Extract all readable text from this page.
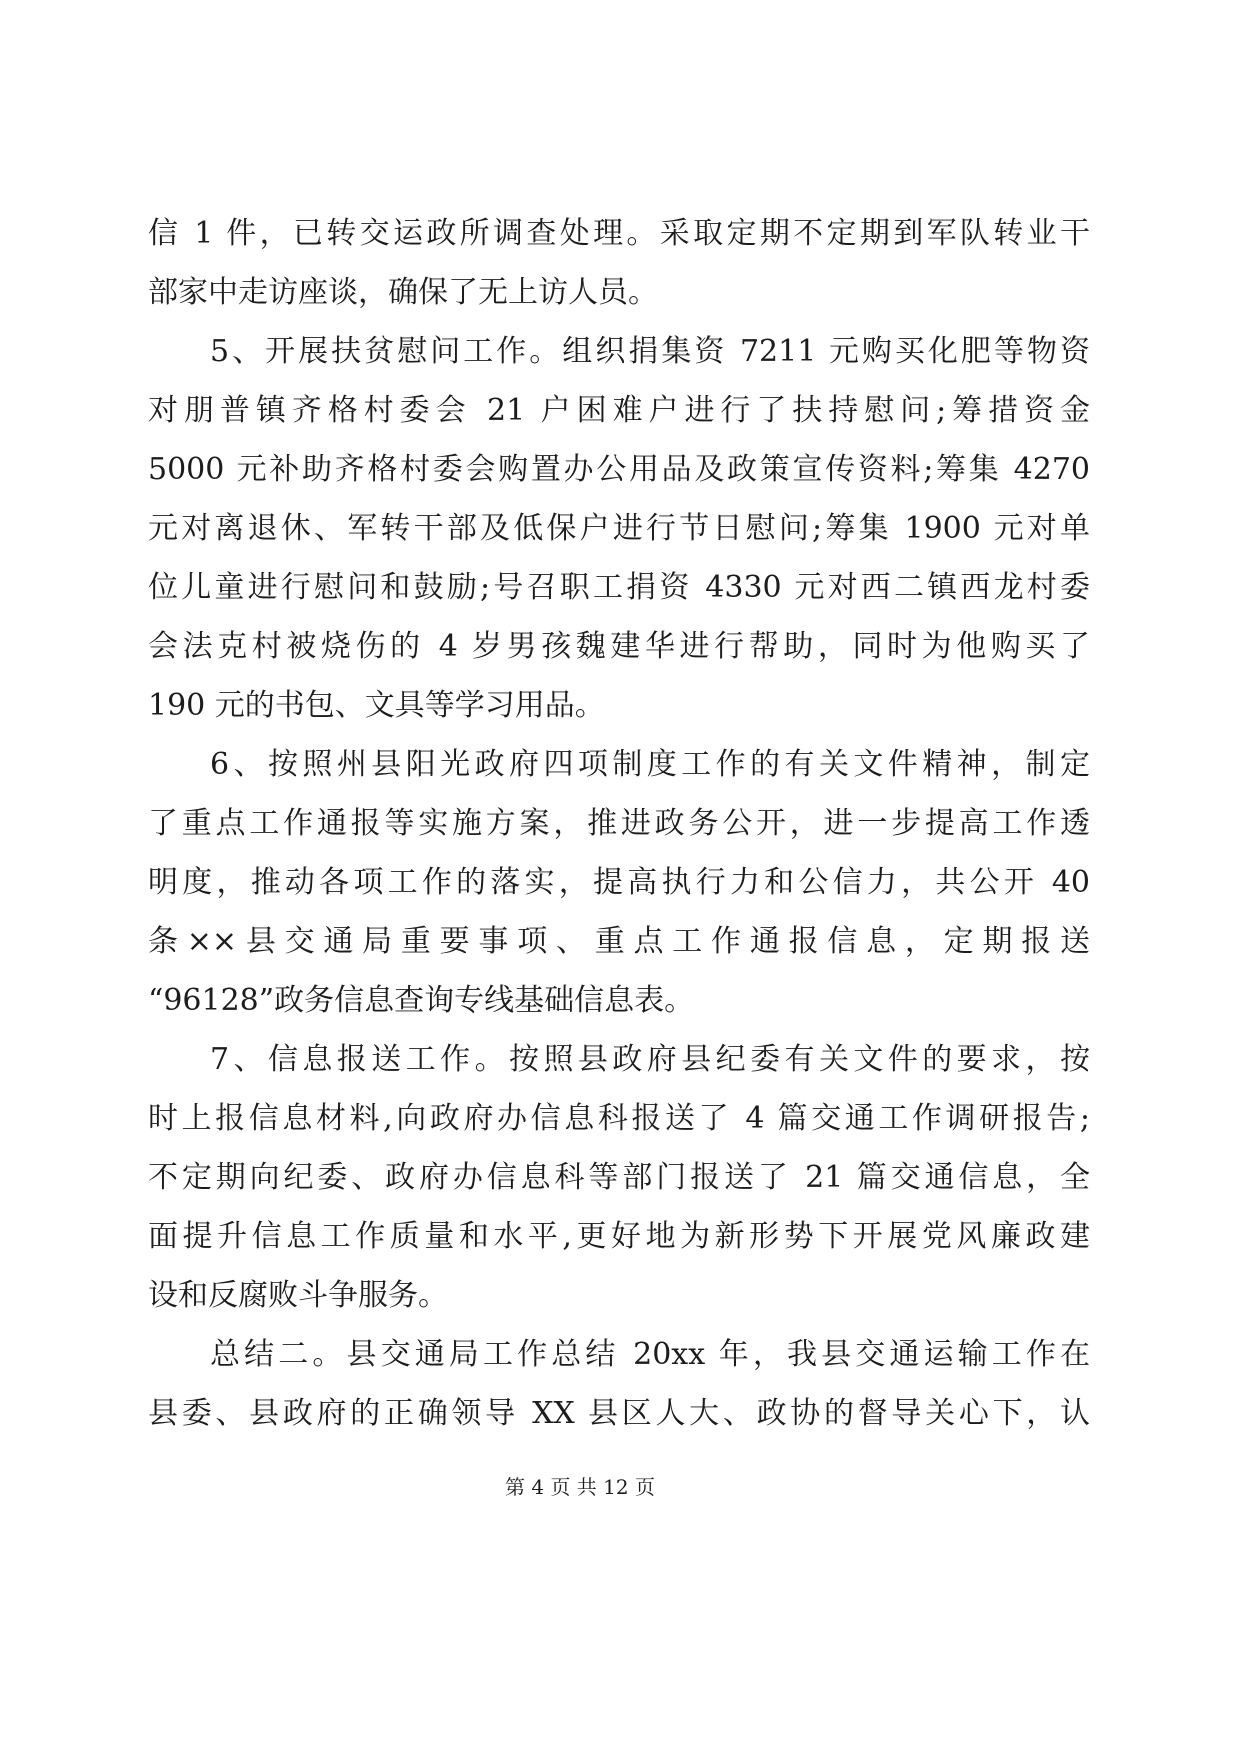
信 1 件，已转交运政所调查处理。采取定期不定期到军队转业干
部家中走访座谈，确保了无上访人员。
5、开展扶贫慰问工作。组织捐集资 7211 元购买化肥等物资
对朋普镇齐格村委会 21 户困难户进行了扶持慰问;筹措资金
5000 元补助齐格村委会购置办公用品及政策宣传资料;筹集 4270
元对离退休、军转干部及低保户进行节日慰问;筹集 1900 元对单
位儿童进行慰问和鼓励;号召职工捐资 4330 元对西二镇西龙村委
会法克村被烧伤的 4 岁男孩魏建华进行帮助，同时为他购买了
190 元的书包、文具等学习用品。
6、按照州县阳光政府四项制度工作的有关文件精神，制定
了重点工作通报等实施方案，推进政务公开，进一步提高工作透
明度，推动各项工作的落实，提高执行力和公信力，共公开 40
条××县交通局重要事项、重点工作通报信息，定期报送
“96128”政务信息查询专线基础信息表。
7、信息报送工作。按照县政府县纪委有关文件的要求，按
时上报信息材料,向政府办信息科报送了 4 篇交通工作调研报告;
不定期向纪委、政府办信息科等部门报送了 21 篇交通信息，全
面提升信息工作质量和水平,更好地为新形势下开展党风廉政建
设和反腐败斗争服务。
总结二。县交通局工作总结 20xx 年，我县交通运输工作在
县委、县政府的正确领导 XX 县区人大、政协的督导关心下，认
第 4 页 共 12 页
